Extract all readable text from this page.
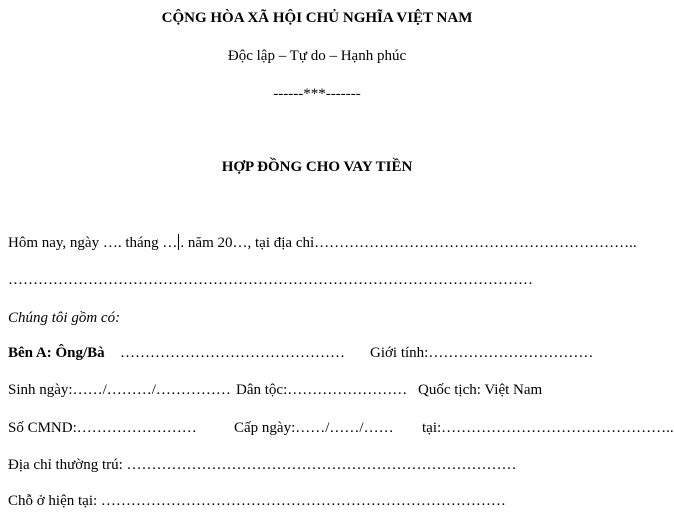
CỘNG HÒA XÃ HỘI CHỦ NGHĨA VIỆT NAM
Độc lập – Tự do – Hạnh phúc
------***-------
HỢP ĐỒNG CHO VAY TIỀN
Hôm nay, ngày …. tháng … . năm 20…, tại địa chỉ………………………………………………………..
……………………………………………………………………………………………
Chúng tôi gồm có:
Bên A: Ông/Bà ……………………………………… Giới tính:……………………………
Sinh ngày:……/………/…………… Dân tộc:…………………… Quốc tịch: Việt Nam
Số CMND:…………………… Cấp ngày:……/……/…… tại:………………………………………..
Địa chỉ thường trú: ……………………………………………………………………
Chỗ ở hiện tại: ………………………………………………………………………
